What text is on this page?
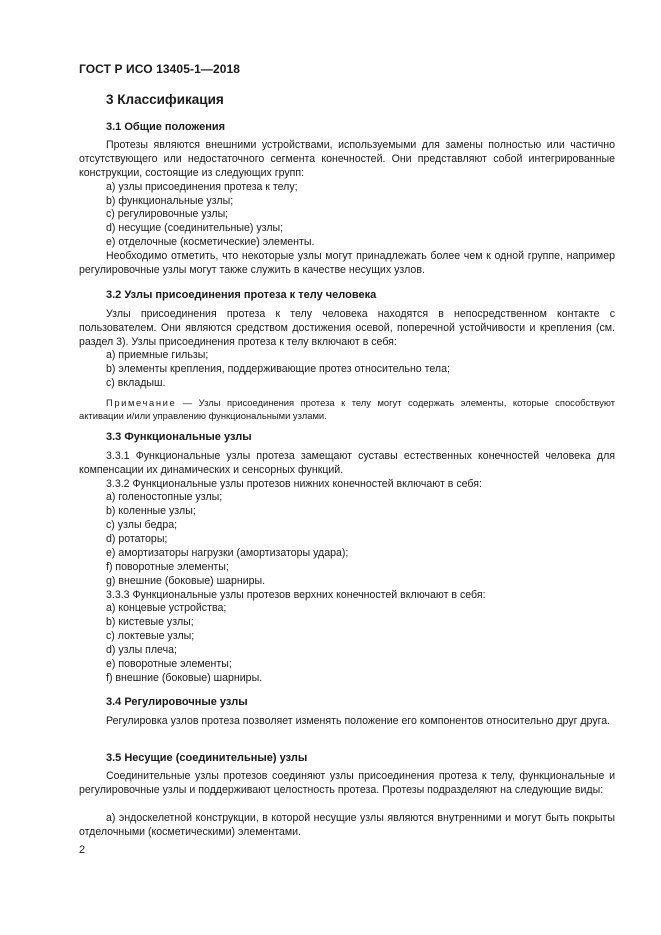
ГОСТ Р ИСО 13405-1—2018
3 Классификация
3.1 Общие положения

Протезы являются внешними устройствами, используемыми для замены полностью или частично отсутствующего или недостаточного сегмента конечностей. Они представляют собой интегрированные конструкции, состоящие из следующих групп:

a) узлы присоединения протеза к телу;
b) функциональные узлы;
c) регулировочные узлы;
d) несущие (соединительные) узлы;
e) отделочные (косметические) элементы.

Необходимо отметить, что некоторые узлы могут принадлежать более чем к одной группе, например регулировочные узлы могут также служить в качестве несущих узлов.

3.2 Узлы присоединения протеза к телу человека

Узлы присоединения протеза к телу человека находятся в непосредственном контакте с пользователем. Они являются средством достижения осевой, поперечной устойчивости и крепления (см. раздел 3). Узлы присоединения протеза к телу включают в себя:

a) приемные гильзы;
b) элементы крепления, поддерживающие протез относительно тела;
c) вкладыш.

Примечание — Узлы присоединения протеза к телу могут содержать элементы, которые способствуют активации и/или управлению функциональными узлами.

3.3 Функциональные узлы

3.3.1 Функциональные узлы протеза замещают суставы естественных конечностей человека для компенсации их динамических и сенсорных функций.

3.3.2 Функциональные узлы протезов нижних конечностей включают в себя:

a) голеностопные узлы;
b) коленные узлы;
c) узлы бедра;
d) ротаторы;
e) амортизаторы нагрузки (амортизаторы удара);
f) поворотные элементы;
g) внешние (боковые) шарниры.

3.3.3 Функциональные узлы протезов верхних конечностей включают в себя:

a) концевые устройства;
b) кистевые узлы;
c) локтевые узлы;
d) узлы плеча;
e) поворотные элементы;
f) внешние (боковые) шарниры.
3.4 Регулировочные узлы

Регулировка узлов протеза позволяет изменять положение его компонентов относительно друг друга.

3.5 Несущие (соединительные) узлы

Соединительные узлы протезов соединяют узлы присоединения протеза к телу, функциональные и регулировочные узлы и поддерживают целостность протеза. Протезы подразделяют на следующие виды:

a) эндоскелетной конструкции, в которой несущие узлы являются внутренними и могут быть покрыты отделочными (косметическими) элементами.

2
